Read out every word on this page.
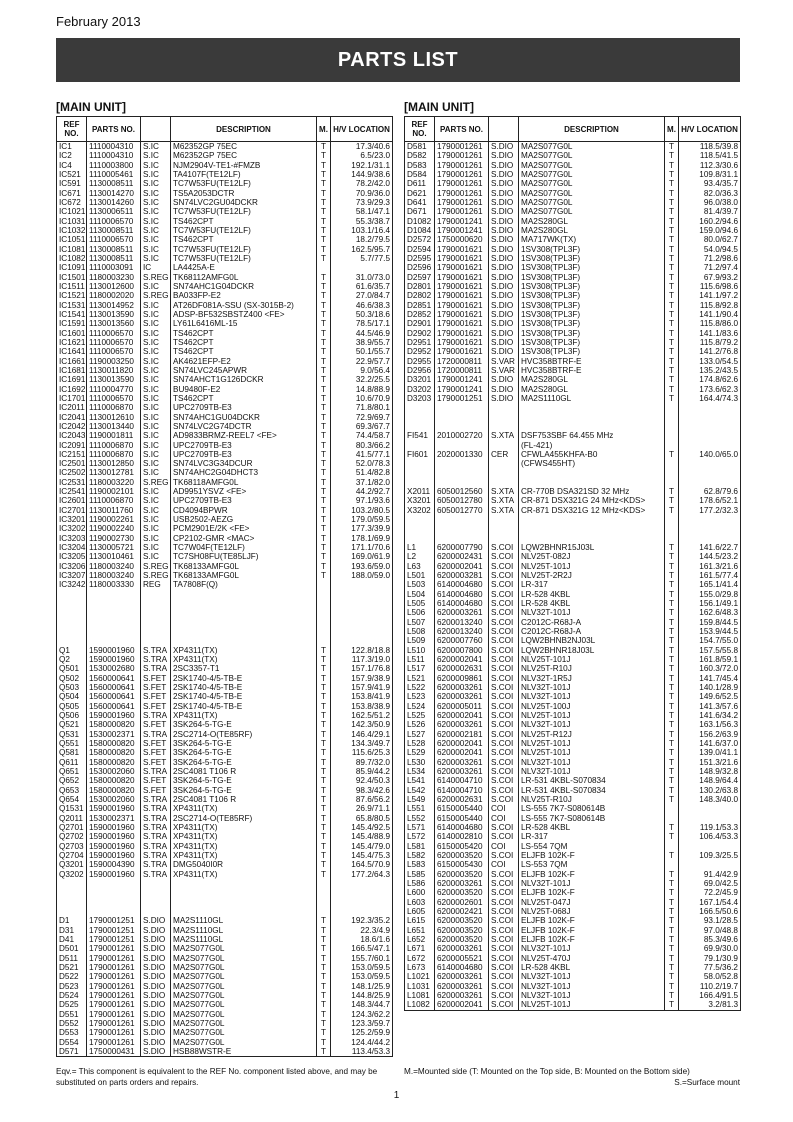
February 2013
PARTS LIST
[MAIN UNIT]	[MAIN UNIT]
REF NO.	PARTS NO.		DESCRIPTION	M.	H/V LOCATION
IC1	1110004310	S.IC	M62352GP 75EC	T	17.3/40.6
IC2	1110004310	S.IC	M62352GP 75EC	T	6.5/23.0
IC4	1110003800	S.IC	NJM2904V-TE1-#FMZB	T	192.1/31.1
IC521	1110005461	S.IC	TA4107F(TE12LF)	T	144.9/38.6
IC591	1130008511	S.IC	TC7W53FU(TE12LF)	T	78.2/42.0
IC671	1130014270	S.IC	TS5A2053DCTR	T	70.9/36.0
IC672	1130014260	S.IC	SN74LVC2GU04DCKR	T	73.9/29.3
IC1021	1130006511	S.IC	TC7W53FU(TE12LF)	T	58.1/47.1
IC1031	1110006570	S.IC	TS462CPT	T	55.3/38.7
IC1032	1130008511	S.IC	TC7W53FU(TE12LF)	T	103.1/16.4
IC1051	1110006570	S.IC	TS462CPT	T	18.2/79.5
IC1081	1130008511	S.IC	TC7W53FU(TE12LF)	T	162.5/95.7
IC1082	1130008511	S.IC	TC7W53FU(TE12LF)	T	5.7/77.5
IC1091	1110003091	IC	LA4425A-E		
IC1501	1180003230	S.REG	TK68112AMFG0L	T	31.0/73.0
IC1511	1130012600	S.IC	SN74AHC1G04DCKR	T	61.6/35.7
IC1521	1180002020	S.REG	BA033FP-E2	T	27.0/84.7
IC1531	1130014952	S.IC	AT26DF081A-SSU (SX-3015B-2)	T	46.6/38.3
IC1541	1130013590	S.IC	ADSP-BF532SBSTZ400 <FE>	T	50.3/18.6
IC1591	1130013560	S.IC	LY61L6416ML-15	T	78.5/17.1
IC1601	1110006570	S.IC	TS462CPT	T	44.5/46.9
IC1621	1110006570	S.IC	TS462CPT	T	38.9/55.7
IC1641	1110006570	S.IC	TS462CPT	T	50.1/55.7
IC1661	1190003250	S.IC	AK4621EFP-E2	T	22.9/57.7
IC1681	1130011820	S.IC	SN74LVC245APWR	T	9.0/56.4
IC1691	1130013590	S.IC	SN74AHCT1G126DCKR	T	32.2/25.5
IC1692	1110004770	S.IC	BU9480F-E2	T	14.8/88.9
IC1701	1110006570	S.IC	TS462CPT	T	10.6/70.9
IC2011	1110006870	S.IC	UPC2709TB-E3	T	71.8/80.1
IC2041	1130012610	S.IC	SN74AHC1GU04DCKR	T	72.9/69.7
IC2042	1130013440	S.IC	SN74LVC2G74DCTR	T	69.3/67.7
IC2043	1190001811	S.IC	AD9833BRMZ-REEL7 <FE>	T	74.4/58.7
IC2091	1110006870	S.IC	UPC2709TB-E3	T	80.3/66.2
IC2151	1110006870	S.IC	UPC2709TB-E3	T	41.5/77.1
IC2501	1130012850	S.IC	SN74LVC3G34DCUR	T	52.0/78.3
IC2502	1130012781	S.IC	SN74AHC2G04DHCT3	T	51.4/82.8
IC2531	1180003220	S.REG	TK68118AMFG0L	T	37.1/82.0
IC2541	1190002101	S.IC	AD9951YSVZ <FE>	T	44.2/92.7
IC2601	1110006870	S.IC	UPC2709TB-E3	T	97.1/93.6
IC2701	1130011760	S.IC	CD4094BPWR	T	103.2/80.5
IC3201	1190002261	S.IC	USB2502-AEZG	T	179.0/59.5
IC3202	1190002240	S.IC	PCM2901E/2K <FE>	T	177.3/39.9
IC3203	1190002730	S.IC	CP2102-GMR <MAC>	T	178.1/69.9
IC3204	1130005721	S.IC	TC7W04F(TE12LF)	T	171.1/70.6
IC3205	1130010461	S.IC	TC7SH08FU(TE85LJF)	T	169.0/61.9
IC3206	1180003240	S.REG	TK68133AMFG0L	T	193.6/59.0
IC3207	1180003240	S.REG	TK68133AMFG0L	T	188.0/59.0
IC3242	1180003330	REG	TA7808F(Q)		

Q1	1590001960	S.TRA	XP4311(TX)	T	122.8/18.8
Q2	1590001960	S.TRA	XP4311(TX)	T	117.3/19.0
Q501	1530002680	S.TRA	2SC3357-T1	T	157.1/76.8
Q502	1560000641	S.FET	2SK1740-4/5-TB-E	T	157.9/38.9
Q503	1560000641	S.FET	2SK1740-4/5-TB-E	T	157.9/41.9
Q504	1560000641	S.FET	2SK1740-4/5-TB-E	T	153.8/41.9
Q505	1560000641	S.FET	2SK1740-4/5-TB-E	T	153.8/38.9
Q506	1590001960	S.TRA	XP4311(TX)	T	162.5/51.2
Q521	1580000820	S.FET	3SK264-5-TG-E	T	142.3/50.9
Q531	1530002371	S.TRA	2SC2714-O(TE85RF)	T	146.4/29.1
Q551	1580000820	S.FET	3SK264-5-TG-E	T	134.3/49.7
Q581	1580000820	S.FET	3SK264-5-TG-E	T	115.6/25.3
Q611	1580000820	S.FET	3SK264-5-TG-E	T	89.7/32.0
Q651	1530002060	S.TRA	2SC4081 T106 R	T	85.9/44.2
Q652	1580000820	S.FET	3SK264-5-TG-E	T	92.4/50.3
Q653	1580000820	S.FET	3SK264-5-TG-E	T	98.3/42.6
Q654	1530002060	S.TRA	2SC4081 T106 R	T	87.6/56.2
Q1531	1590001960	S.TRA	XP4311(TX)	T	26.9/71.1
Q2011	1530002371	S.TRA	2SC2714-O(TE85RF)	T	65.8/80.5
Q2701	1590001960	S.TRA	XP4311(TX)	T	145.4/92.5
Q2702	1590001960	S.TRA	XP4311(TX)	T	145.4/88.9
Q2703	1590001960	S.TRA	XP4311(TX)	T	145.4/79.0
Q2704	1590001960	S.TRA	XP4311(TX)	T	145.4/75.3
Q3201	1590004390	S.TRA	DMG5040I0R	T	164.5/70.9
Q3202	1590001960	S.TRA	XP4311(TX)	T	177.2/64.3

D1	1790001251	S.DIO	MA2S1110GL	T	192.3/35.2
D31	1790001251	S.DIO	MA2S1110GL	T	22.3/4.9
D41	1790001251	S.DIO	MA2S1110GL	T	18.6/1.6
D501	1790001261	S.DIO	MA2S077G0L	T	166.5/47.1
D511	1790001261	S.DIO	MA2S077G0L	T	155.7/60.1
D521	1790001261	S.DIO	MA2S077G0L	T	153.0/59.5
D522	1790001261	S.DIO	MA2S077G0L	T	153.0/59.5
D523	1790001261	S.DIO	MA2S077G0L	T	148.1/25.9
D524	1790001261	S.DIO	MA2S077G0L	T	144.8/25.9
D525	1790001261	S.DIO	MA2S077G0L	T	148.3/44.7
D551	1790001261	S.DIO	MA2S077G0L	T	124.3/62.2
D552	1790001261	S.DIO	MA2S077G0L	T	123.3/59.7
D553	1790001261	S.DIO	MA2S077G0L	T	125.2/59.9
D554	1790001261	S.DIO	MA2S077G0L	T	124.4/44.2
D571	1750000431	S.DIO	HSB88WSTR-E	T	113.4/53.3
REF NO.	PARTS NO.		DESCRIPTION	M.	H/V LOCATION
D581	1790001261	S.DIO	MA2S077G0L	T	118.5/39.8
D582	1790001261	S.DIO	MA2S077G0L	T	118.5/41.5
D583	1790001261	S.DIO	MA2S077G0L	T	112.3/30.6
D584	1790001261	S.DIO	MA2S077G0L	T	109.8/31.1
D611	1790001261	S.DIO	MA2S077G0L	T	93.4/35.7
D621	1790001261	S.DIO	MA2S077G0L	T	82.0/36.3
D641	1790001261	S.DIO	MA2S077G0L	T	96.0/38.0
D671	1790001261	S.DIO	MA2S077G0L	T	81.4/39.7
D1082	1790001241	S.DIO	MA2S280GL	T	160.2/94.6
D1084	1790001241	S.DIO	MA2S280GL	T	159.0/94.6
D2572	1750000620	S.DIO	MA717WK(TX)	T	80.0/62.7
D2594	1790001621	S.DIO	1SV308(TPL3F)	T	54.0/94.5
D2595	1790001621	S.DIO	1SV308(TPL3F)	T	71.2/98.6
D2596	1790001621	S.DIO	1SV308(TPL3F)	T	71.2/97.4
D2597	1790001621	S.DIO	1SV308(TPL3F)	T	67.9/93.2
D2801	1790001621	S.DIO	1SV308(TPL3F)	T	115.6/98.6
D2802	1790001621	S.DIO	1SV308(TPL3F)	T	141.1/97.2
D2851	1790001621	S.DIO	1SV308(TPL3F)	T	115.8/92.8
D2852	1790001621	S.DIO	1SV308(TPL3F)	T	141.1/90.4
D2901	1790001621	S.DIO	1SV308(TPL3F)	T	115.8/86.0
D2902	1790001621	S.DIO	1SV308(TPL3F)	T	141.1/83.6
D2951	1790001621	S.DIO	1SV308(TPL3F)	T	115.8/79.2
D2952	1790001621	S.DIO	1SV308(TPL3F)	T	141.2/76.8
D2955	1720000811	S.VAR	HVC358BTRF-E	T	133.0/54.5
D2956	1720000811	S.VAR	HVC358BTRF-E	T	135.2/43.5
D3201	1790001241	S.DIO	MA2S280GL	T	174.8/62.6
D3202	1790001241	S.DIO	MA2S280GL	T	173.6/62.3
D3203	1790001251	S.DIO	MA2S1110GL	T	164.4/74.3

FI541	2010002720	S.XTA	DSF753SBF 64.455 MHz		
			(FL-421)		
FI601	2020001330	CER	CFWLA455KHFA-B0	T	140.0/65.0
			(CFWS455HT)		

X2011	6050012560	S.XTA	CR-770B DSA321SD 32 MHz	T	62.8/79.6
X3201	6050012780	S.XTA	CR-871 DSX321G 24 MHz<KDS>	T	178.6/52.1
X3202	6050012770	S.XTA	CR-871 DSX321G 12 MHz<KDS>	T	177.2/32.3

L1	6200007790	S.COI	LQW2BHNR15J03L	T	141.6/22.7
L2	6200002431	S.COI	NLV25T-082J	T	144.5/23.2
L63	6200002041	S.COI	NLV25T-101J	T	161.3/21.6
L501	6200003281	S.COI	NLV25T-2R2J	T	161.5/77.4
L503	6140004680	S.COI	LR-317	T	165.1/41.4
L504	6140004680	S.COI	LR-528 4KBL	T	155.0/29.8
L505	6140004680	S.COI	LR-528 4KBL	T	156.1/49.1
L506	6200003261	S.COI	NLV32T-101J	T	162.6/48.3
L507	6200013240	S.COI	C2012C-R68J-A	T	159.8/44.5
L508	6200013240	S.COI	C2012C-R68J-A	T	153.9/44.5
L509	6200007760	S.COI	LQW2BHNB2NJ03L	T	154.7/55.0
L510	6200007800	S.COI	LQW2BHNR18J03L	T	157.5/55.8
L511	6200002041	S.COI	NLV25T-101J	T	161.8/59.1
L517	6200002631	S.COI	NLV25T-R10J	T	160.3/72.0
L521	6200009861	S.COI	NLV32T-1R5J	T	141.7/45.4
L522	6200003261	S.COI	NLV32T-101J	T	140.1/28.9
L523	6200003261	S.COI	NLV32T-101J	T	149.6/52.5
L524	6200005011	S.COI	NLV25T-100J	T	141.3/57.6
L525	6200002041	S.COI	NLV25T-101J	T	141.6/34.2
L526	6200003261	S.COI	NLV32T-101J	T	163.1/56.3
L527	6200002181	S.COI	NLV25T-R12J	T	156.2/63.9
L528	6200002041	S.COI	NLV25T-101J	T	141.6/37.0
L529	6200002041	S.COI	NLV25T-101J	T	139.0/41.1
L530	6200003261	S.COI	NLV32T-101J	T	151.3/21.6
L534	6200003261	S.COI	NLV32T-101J	T	148.9/32.8
L541	6140004710	S.COI	LR-531 4KBL-S070834	T	148.9/64.4
L542	6140004710	S.COI	LR-531 4KBL-S070834	T	130.2/63.8
L549	6200002631	S.COI	NLV25T-R10J	T	148.3/40.0
L551	6150005440	COI	LS-555 7K7-S080614B		
L552	6150005440	COI	LS-555 7K7-S080614B		
L571	6140004680	S.COI	LR-528 4KBL	T	119.1/53.3
L572	6140002810	S.COI	LR-317	T	106.4/53.3
L581	6150005420	COI	LS-554 7QM		
L582	6200003520	S.COI	ELJFB 102K-F	T	109.3/25.5
L583	6150005430	COI	LS-553 7QM		
L585	6200003520	S.COI	ELJFB 102K-F	T	91.4/42.9
L586	6200003261	S.COI	NLV32T-101J	T	69.0/42.5
L600	6200003520	S.COI	ELJFB 102K-F	T	72.2/45.9
L603	6200002601	S.COI	NLV25T-047J	T	167.1/54.4
L605	6200002421	S.COI	NLV25T-068J	T	166.5/50.6
L615	6200003520	S.COI	ELJFB 102K-F	T	93.1/28.5
L651	6200003520	S.COI	ELJFB 102K-F	T	97.0/48.8
L652	6200003520	S.COI	ELJFB 102K-F	T	85.3/49.6
L671	6200003261	S.COI	NLV32T-101J	T	69.9/30.0
L672	6200005521	S.COI	NLV25T-470J	T	79.1/30.9
L673	6140004680	S.COI	LR-528 4KBL	T	77.5/36.2
L1021	6200003261	S.COI	NLV32T-101J	T	58.0/52.8
L1031	6200003261	S.COI	NLV32T-101J	T	110.2/19.7
L1081	6200003261	S.COI	NLV32T-101J	T	166.4/91.5
L1082	6200002041	S.COI	NLV25T-101J	T	3.2/81.3
Eqv.= This component is equivalent to the REF No. component listed above, and may be substituted on parts orders and repairs.
M.=Mounted side (T: Mounted on the Top side, B: Mounted on the Bottom side)
S.=Surface mount
1
